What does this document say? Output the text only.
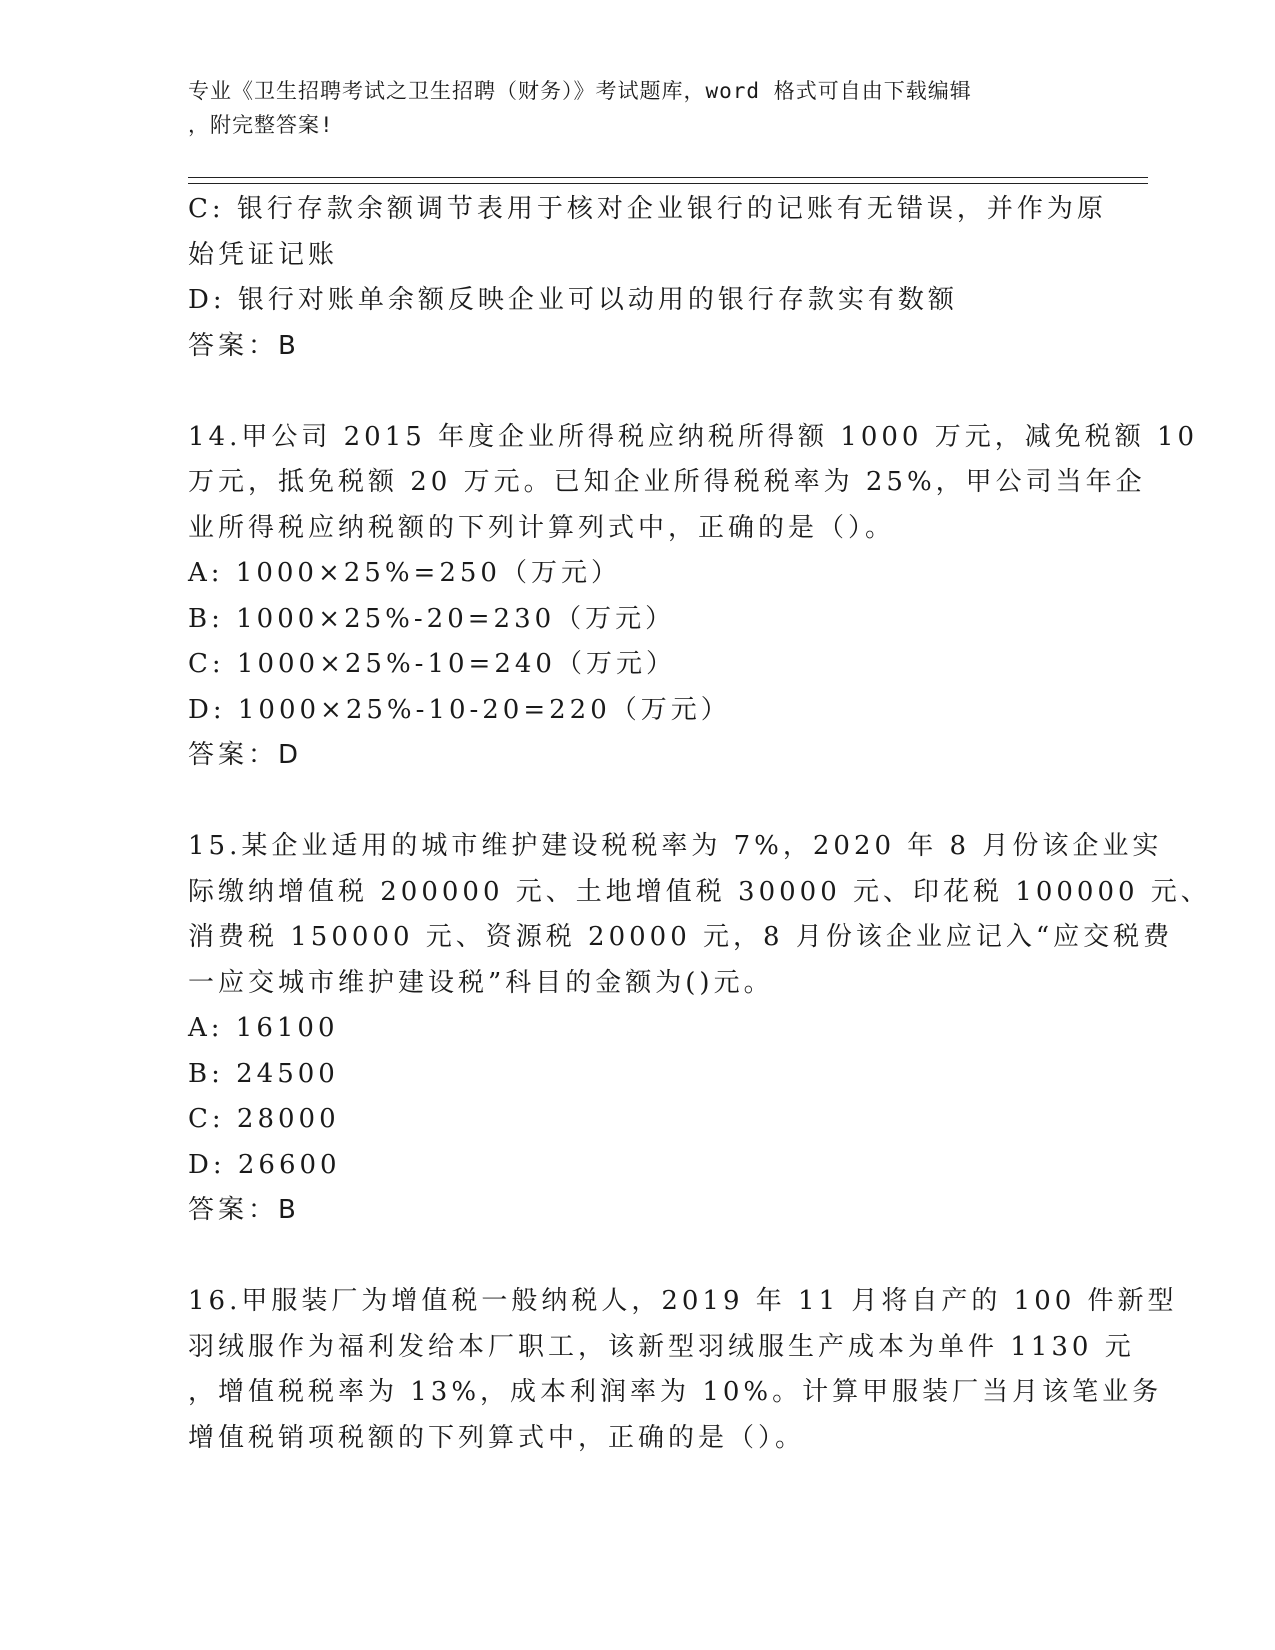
专业《卫生招聘考试之卫生招聘（财务）》考试题库，word 格式可自由下载编辑
，附完整答案!
C: 银行存款余额调节表用于核对企业银行的记账有无错误，并作为原
始凭证记账
D: 银行对账单余额反映企业可以动用的银行存款实有数额
答案：B
14.甲公司 2015 年度企业所得税应纳税所得额 1000 万元，减免税额 10
万元，抵免税额 20 万元。已知企业所得税税率为 25%，甲公司当年企
业所得税应纳税额的下列计算列式中，正确的是（）。
A: 1000×25%=250（万元）
B: 1000×25%-20=230（万元）
C: 1000×25%-10=240（万元）
D: 1000×25%-10-20=220（万元）
答案：D
15.某企业适用的城市维护建设税税率为 7%，2020 年 8 月份该企业实
际缴纳增值税 200000 元、土地增值税 30000 元、印花税 100000 元、
消费税 150000 元、资源税 20000 元，8 月份该企业应记入“应交税费
一应交城市维护建设税”科目的金额为()元。
A: 16100
B: 24500
C: 28000
D: 26600
答案：B
16.甲服装厂为增值税一般纳税人，2019 年 11 月将自产的 100 件新型
羽绒服作为福利发给本厂职工，该新型羽绒服生产成本为单件 1130 元
，增值税税率为 13%，成本利润率为 10%。计算甲服装厂当月该笔业务
增值税销项税额的下列算式中，正确的是（）。
